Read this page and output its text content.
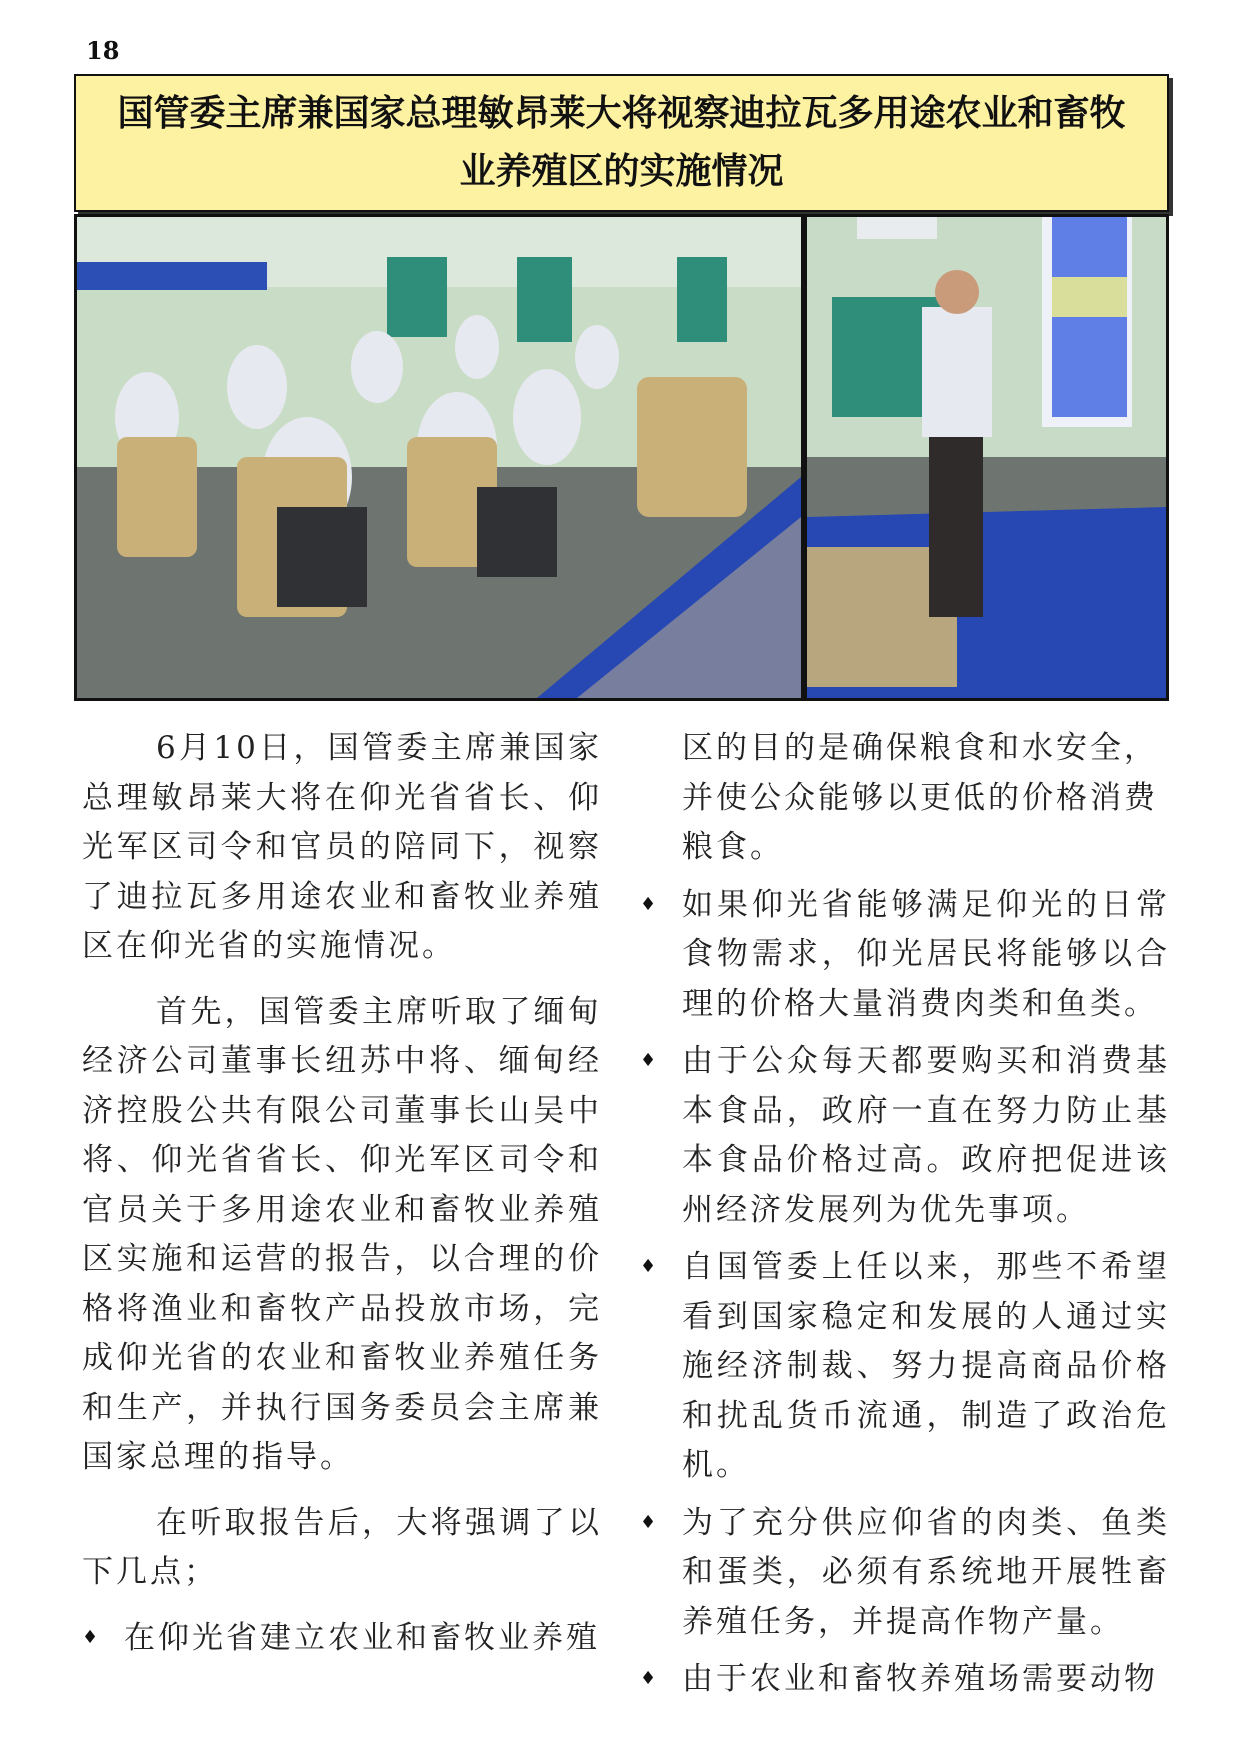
18
国管委主席兼国家总理敏昂莱大将视察迪拉瓦多用途农业和畜牧业养殖区的实施情况

6月10日，国管委主席兼国家总理敏昂莱大将在仰光省省长、仰光军区司令和官员的陪同下，视察了迪拉瓦多用途农业和畜牧业养殖区在仰光省的实施情况。

首先，国管委主席听取了缅甸经济公司董事长纽苏中将、缅甸经济控股公共有限公司董事长山吴中将、仰光省省长、仰光军区司令和官员关于多用途农业和畜牧业养殖区实施和运营的报告，以合理的价格将渔业和畜牧产品投放市场，完成仰光省的农业和畜牧业养殖任务和生产，并执行国务委员会主席兼国家总理的指导。

在听取报告后，大将强调了以下几点；

♦ 在仰光省建立农业和畜牧业养殖

区的目的是确保粮食和水安全，并使公众能够以更低的价格消费粮食。

♦ 如果仰光省能够满足仰光的日常食物需求，仰光居民将能够以合理的价格大量消费肉类和鱼类。

♦ 由于公众每天都要购买和消费基本食品，政府一直在努力防止基本食品价格过高。政府把促进该州经济发展列为优先事项。

♦ 自国管委上任以来，那些不希望看到国家稳定和发展的人通过实施经济制裁、努力提高商品价格和扰乱货币流通，制造了政治危机。

♦ 为了充分供应仰省的肉类、鱼类和蛋类，必须有系统地开展牲畜养殖任务，并提高作物产量。

♦ 由于农业和畜牧养殖场需要动物
